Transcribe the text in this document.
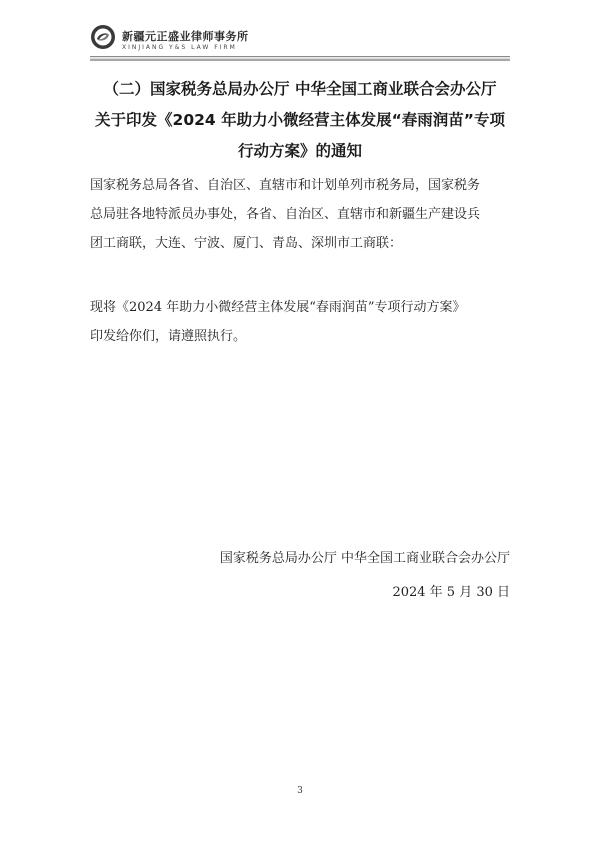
新疆元正盛业律师事务所
XINJIANG Y&S LAW FIRM
（二）国家税务总局办公厅 中华全国工商业联合会办公厅
关于印发《2024 年助力小微经营主体发展“春雨润苗”专项
行动方案》的通知

国家税务总局各省、自治区、直辖市和计划单列市税务局，国家税务
总局驻各地特派员办事处，各省、自治区、直辖市和新疆生产建设兵
团工商联，大连、宁波、厦门、青岛、深圳市工商联：

现将《2024 年助力小微经营主体发展“春雨润苗”专项行动方案》
印发给你们，请遵照执行。

国家税务总局办公厅 中华全国工商业联合会办公厅
2024 年 5 月 30 日
3
